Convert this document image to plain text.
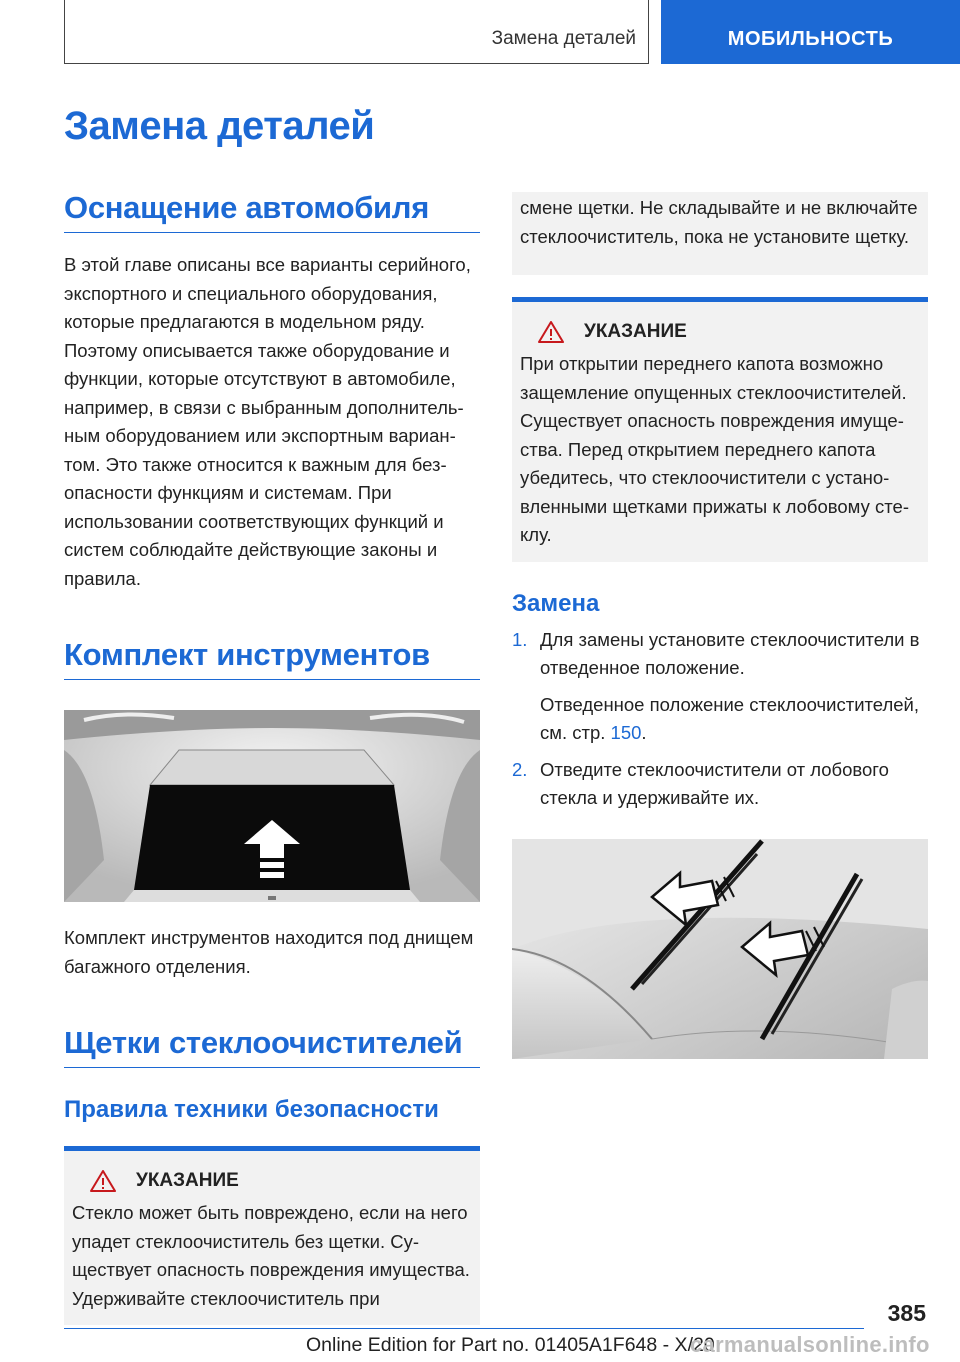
Замена деталей	МОБИЛЬНОСТЬ
Замена деталей
Оснащение автомобиля

В этой главе описаны все варианты серийного, экспортного и специального оборудования, которые предлагаются в модельном ряду. Поэтому описывается также оборудование и функции, которые отсутствуют в автомобиле, например, в связи с выбранным дополнительным оборудованием или экспортным вариантом. Это также относится к важным для безопасности функциям и системам. При использовании соответствующих функций и систем соблюдайте действующие законы и правила.

Комплект инструментов

Комплект инструментов находится под днищем багажного отделения.

Щетки стеклоочистителей
Правила техники безопасности
УКАЗАНИЕ

Стекло может быть повреждено, если на него упадет стеклоочиститель без щетки. Существует опасность повреждения имущества. Удерживайте стеклоочиститель при

смене щетки. Не складывайте и не включайте стеклоочиститель, пока не установите щетку.

УКАЗАНИЕ

При открытии переднего капота возможно защемление опущенных стеклоочистителей. Существует опасность повреждения имущества. Перед открытием переднего капота убедитесь, что стеклоочистители с установленными щетками прижаты к лобовому стеклу.

Замена
1. Для замены установите стеклоочистители в отведенное положение.

Отведенное положение стеклоочистителей, см. стр. 150.

2. Отведите стеклоочистители от лобового стекла и удерживайте их.
385
Online Edition for Part no. 01405A1F648 - X/20
carmanualsonline.info
